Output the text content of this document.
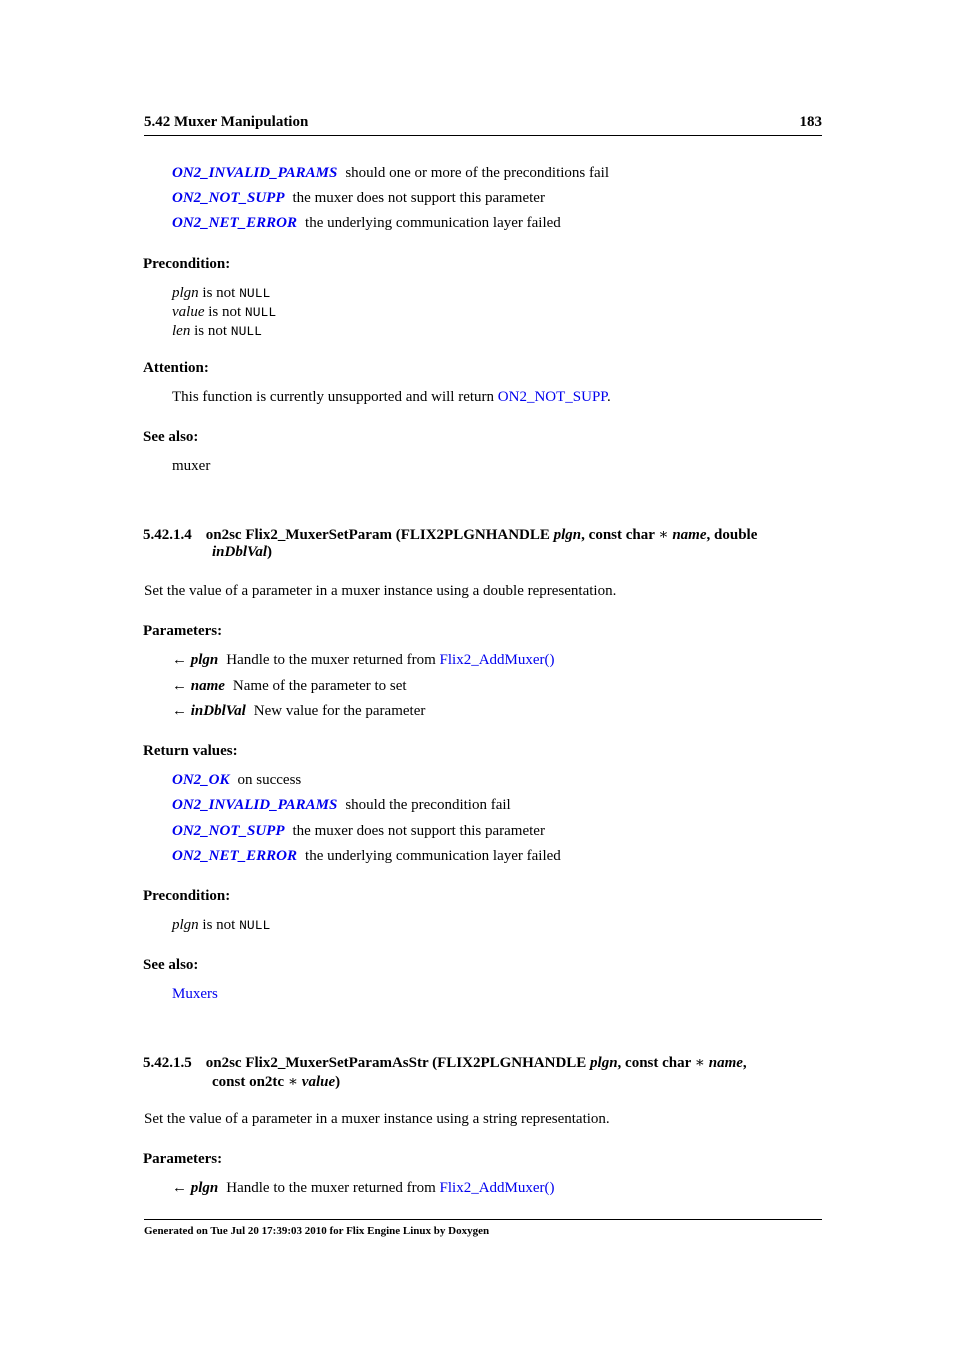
5.42 Muxer Manipulation	183
ON2_INVALID_PARAMS should one or more of the preconditions fail
ON2_NOT_SUPP the muxer does not support this parameter
ON2_NET_ERROR the underlying communication layer failed
Precondition:
plgn is not NULL
value is not NULL
len is not NULL
Attention:
This function is currently unsupported and will return ON2_NOT_SUPP.
See also:
muxer
5.42.1.4 on2sc Flix2_MuxerSetParam (FLIX2PLGNHANDLE plgn, const char ∗ name, double
inDblVal)
Set the value of a parameter in a muxer instance using a double representation.
Parameters:
← plgn Handle to the muxer returned from Flix2_AddMuxer()
← name Name of the parameter to set
← inDblVal New value for the parameter
Return values:
ON2_OK on success
ON2_INVALID_PARAMS should the precondition fail
ON2_NOT_SUPP the muxer does not support this parameter
ON2_NET_ERROR the underlying communication layer failed
Precondition:
plgn is not NULL
See also:
Muxers
5.42.1.5 on2sc Flix2_MuxerSetParamAsStr (FLIX2PLGNHANDLE plgn, const char ∗ name,
const on2tc ∗ value)
Set the value of a parameter in a muxer instance using a string representation.
Parameters:
← plgn Handle to the muxer returned from Flix2_AddMuxer()
Generated on Tue Jul 20 17:39:03 2010 for Flix Engine Linux by Doxygen
